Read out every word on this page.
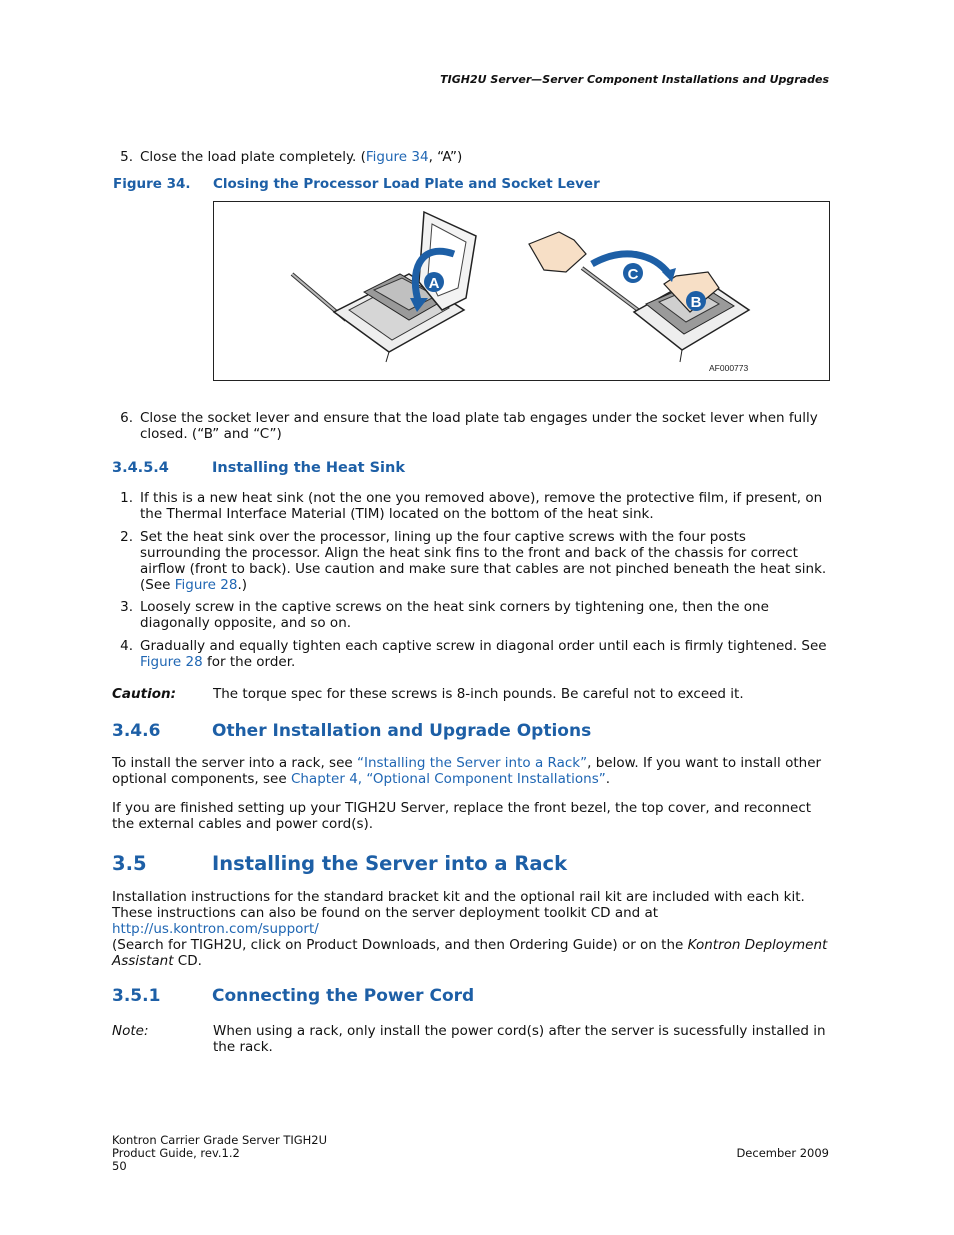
TIGH2U Server—Server Component Installations and Upgrades
5. Close the load plate completely. (Figure 34, “A”)
Figure 34. Closing the Processor Load Plate and Socket Lever
A
C
B
AF000773
6. Close the socket lever and ensure that the load plate tab engages under the socket lever when fully closed. (“B” and “C”)
3.4.5.4	Installing the Heat Sink
1. If this is a new heat sink (not the one you removed above), remove the protective film, if present, on the Thermal Interface Material (TIM) located on the bottom of the heat sink.
2. Set the heat sink over the processor, lining up the four captive screws with the four posts surrounding the processor. Align the heat sink fins to the front and back of the chassis for correct airflow (front to back). Use caution and make sure that cables are not pinched beneath the heat sink. (See Figure 28.)
3. Loosely screw in the captive screws on the heat sink corners by tightening one, then the one diagonally opposite, and so on.
4. Gradually and equally tighten each captive screw in diagonal order until each is firmly tightened. See Figure 28 for the order.
Caution:	The torque spec for these screws is 8-inch pounds. Be careful not to exceed it.
3.4.6	Other Installation and Upgrade Options
To install the server into a rack, see “Installing the Server into a Rack”, below. If you want to install other optional components, see Chapter 4, “Optional Component Installations”.
If you are finished setting up your TIGH2U Server, replace the front bezel, the top cover, and reconnect the external cables and power cord(s).
3.5	Installing the Server into a Rack
Installation instructions for the standard bracket kit and the optional rail kit are included with each kit. These instructions can also be found on the server deployment toolkit CD and at
http://us.kontron.com/support/
(Search for TIGH2U, click on Product Downloads, and then Ordering Guide) or on the Kontron Deployment Assistant CD.
3.5.1	Connecting the Power Cord
Note:	When using a rack, only install the power cord(s) after the server is sucessfully installed in the rack.
Kontron Carrier Grade Server TIGH2U
Product Guide, rev.1.2
50
December 2009
